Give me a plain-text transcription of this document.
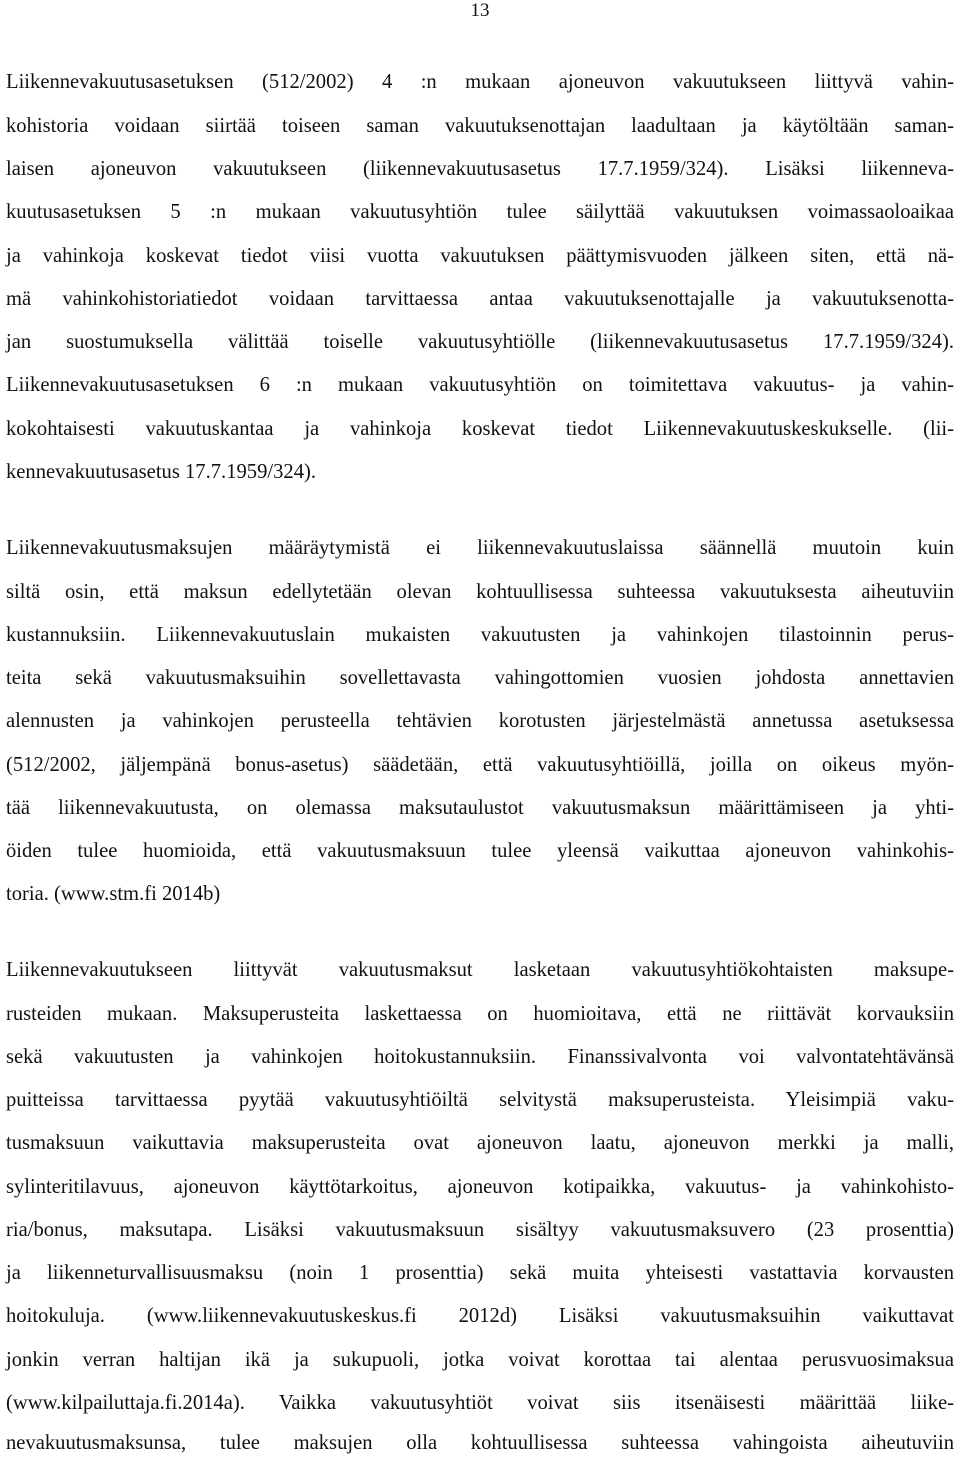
13
Liikennevakuutusasetuksen (512/2002) 4 :n mukaan ajoneuvon vakuutukseen liittyvä vahin-
kohistoria voidaan siirtää toiseen saman vakuutuksenottajan laadultaan ja käytöltään saman-
laisen ajoneuvon vakuutukseen (liikennevakuutusasetus 17.7.1959/324). Lisäksi liikenneva-
kuutusasetuksen 5 :n mukaan vakuutusyhtiön tulee säilyttää vakuutuksen voimassaoloaikaa
ja vahinkoja koskevat tiedot viisi vuotta vakuutuksen päättymisvuoden jälkeen siten, että nä-
mä vahinkohistoriatiedot voidaan tarvittaessa antaa vakuutuksenottajalle ja vakuutuksenotta-
jan suostumuksella välittää toiselle vakuutusyhtiölle (liikennevakuutusasetus 17.7.1959/324).
Liikennevakuutusasetuksen 6 :n mukaan vakuutusyhtiön on toimitettava vakuutus- ja vahin-
kokohtaisesti vakuutuskantaa ja vahinkoja koskevat tiedot Liikennevakuutuskeskukselle. (lii-
kennevakuutusasetus 17.7.1959/324).
Liikennevakuutusmaksujen määräytymistä ei liikennevakuutuslaissa säännellä muutoin kuin
siltä osin, että maksun edellytetään olevan kohtuullisessa suhteessa vakuutuksesta aiheutuviin
kustannuksiin. Liikennevakuutuslain mukaisten vakuutusten ja vahinkojen tilastoinnin perus-
teita sekä vakuutusmaksuihin sovellettavasta vahingottomien vuosien johdosta annettavien
alennusten ja vahinkojen perusteella tehtävien korotusten järjestelmästä annetussa asetuksessa
(512/2002, jäljempänä bonus-asetus) säädetään, että vakuutusyhtiöillä, joilla on oikeus myön-
tää liikennevakuutusta, on olemassa maksutaulustot vakuutusmaksun määrittämiseen ja yhti-
öiden tulee huomioida, että vakuutusmaksuun tulee yleensä vaikuttaa ajoneuvon vahinkohis-
toria. (www.stm.fi 2014b)
Liikennevakuutukseen liittyvät vakuutusmaksut lasketaan vakuutusyhtiökohtaisten maksupe-
rusteiden mukaan. Maksuperusteita laskettaessa on huomioitava, että ne riittävät korvauksiin
sekä vakuutusten ja vahinkojen hoitokustannuksiin. Finanssivalvonta voi valvontatehtävänsä
puitteissa tarvittaessa pyytää vakuutusyhtiöiltä selvitystä maksuperusteista. Yleisimpiä vaku-
tusmaksuun vaikuttavia maksuperusteita ovat ajoneuvon laatu, ajoneuvon merkki ja malli,
sylinteritilavuus, ajoneuvon käyttötarkoitus, ajoneuvon kotipaikka, vakuutus- ja vahinkohisto-
ria/bonus, maksutapa. Lisäksi vakuutusmaksuun sisältyy vakuutusmaksuvero (23 prosenttia)
ja liikenneturvallisuusmaksu (noin 1 prosenttia) sekä muita yhteisesti vastattavia korvausten
hoitokuluja. (www.liikennevakuutuskeskus.fi 2012d) Lisäksi vakuutusmaksuihin vaikuttavat
jonkin verran haltijan ikä ja sukupuoli, jotka voivat korottaa tai alentaa perusvuosimaksua
(www.kilpailuttaja.fi.2014a). Vaikka vakuutusyhtiöt voivat siis itsenäisesti määrittää liike-
nevakuutusmaksunsa, tulee maksujen olla kohtuullisessa suhteessa vahingoista aiheutuviin
